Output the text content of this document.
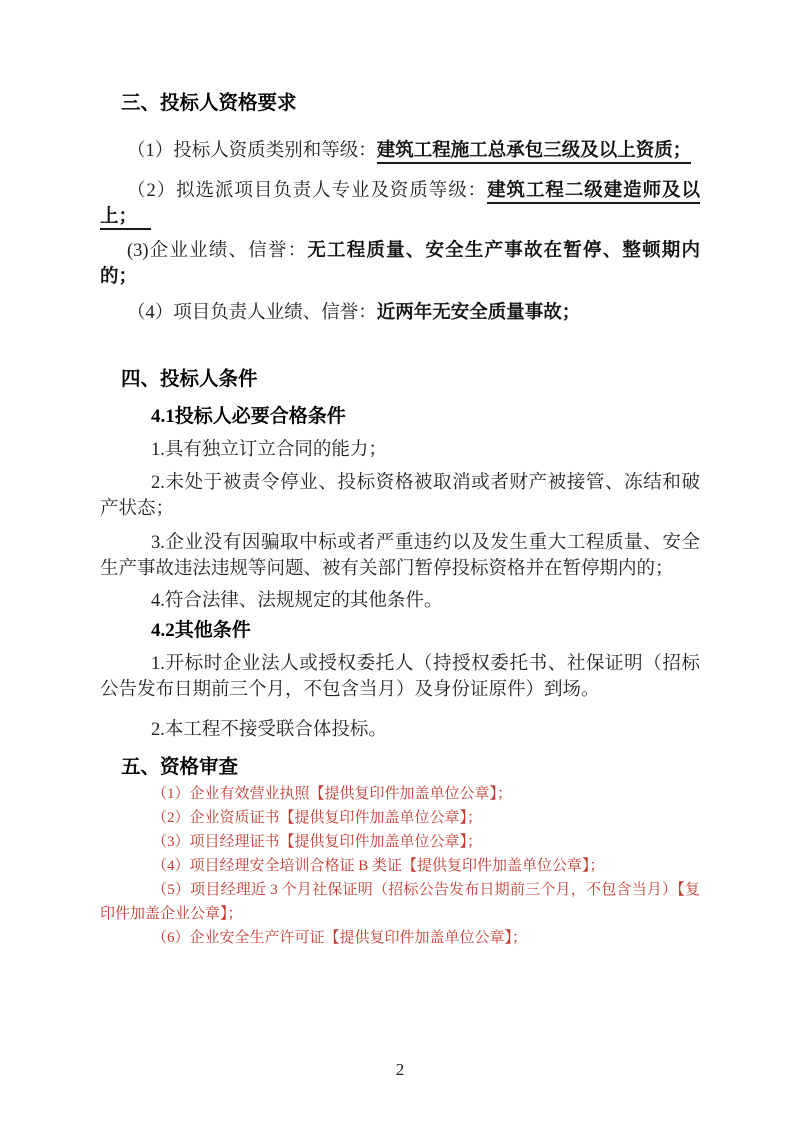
三、投标人资格要求
（1）投标人资质类别和等级：建筑工程施工总承包三级及以上资质；
（2）拟选派项目负责人专业及资质等级：建筑工程二级建造师及以上；
(3)企业业绩、信誉：无工程质量、安全生产事故在暂停、整顿期内的；
（4）项目负责人业绩、信誉：近两年无安全质量事故；
四、投标人条件
4.1投标人必要合格条件
1.具有独立订立合同的能力；
2.未处于被责令停业、投标资格被取消或者财产被接管、冻结和破产状态；
3.企业没有因骗取中标或者严重违约以及发生重大工程质量、安全生产事故违法违规等问题、被有关部门暂停投标资格并在暂停期内的；
4.符合法律、法规规定的其他条件。
4.2其他条件
1.开标时企业法人或授权委托人（持授权委托书、社保证明（招标公告发布日期前三个月，不包含当月）及身份证原件）到场。
2.本工程不接受联合体投标。
五、资格审查
（1）企业有效营业执照【提供复印件加盖单位公章】；
（2）企业资质证书【提供复印件加盖单位公章】；
（3）项目经理证书【提供复印件加盖单位公章】；
（4）项目经理安全培训合格证 B 类证【提供复印件加盖单位公章】；
（5）项目经理近 3 个月社保证明（招标公告发布日期前三个月，不包含当月）【复印件加盖企业公章】；
（6）企业安全生产许可证【提供复印件加盖单位公章】；
2
